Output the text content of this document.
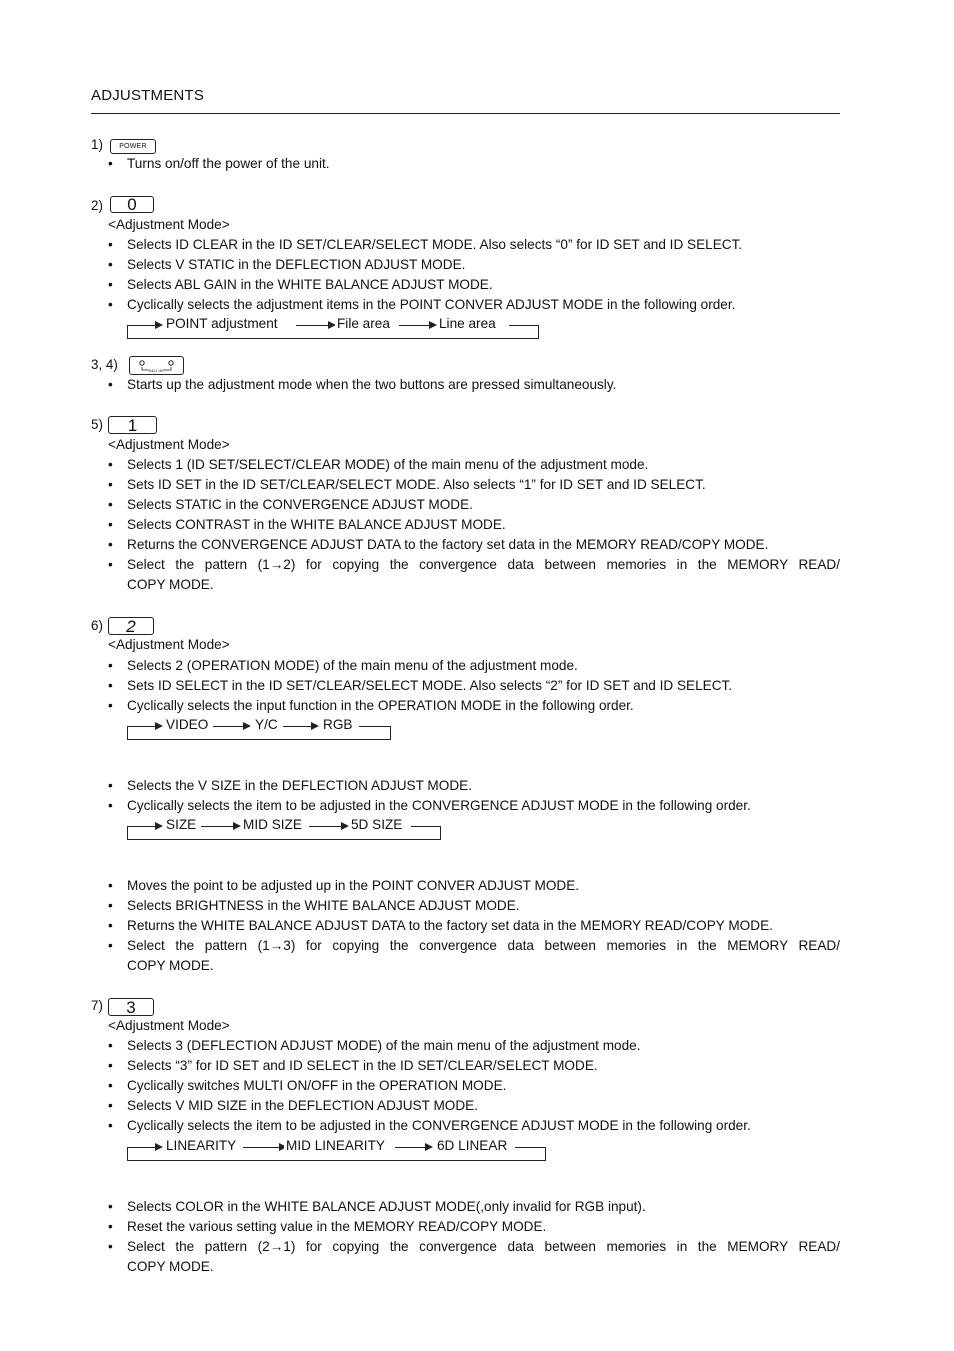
ADJUSTMENTS
1) POWER
• Turns on/off the power of the unit.
2) 0
<Adjustment Mode>
• Selects ID CLEAR in the ID SET/CLEAR/SELECT MODE. Also selects “0” for ID SET and ID SELECT.
• Selects V STATIC in the DEFLECTION ADJUST MODE.
• Selects ABL GAIN in the WHITE BALANCE ADJUST MODE.
• Cyclically selects the adjustment items in the POINT CONVER ADJUST MODE in the following order.
POINT adjustment	File area	Line area
3, 4)	ADJ IN
• Starts up the adjustment mode when the two buttons are pressed simultaneously.
5) 1
<Adjustment Mode>
• Selects 1 (ID SET/SELECT/CLEAR MODE) of the main menu of the adjustment mode.
• Sets ID SET in the ID SET/CLEAR/SELECT MODE. Also selects “1” for ID SET and ID SELECT.
• Selects STATIC in the CONVERGENCE ADJUST MODE.
• Selects CONTRAST in the WHITE BALANCE ADJUST MODE.
• Returns the CONVERGENCE ADJUST DATA to the factory set data in the MEMORY READ/COPY MODE.
• Select the pattern (1→2) for copying the convergence data between memories in the MEMORY READ/
COPY MODE.
6) 2
<Adjustment Mode>
• Selects 2 (OPERATION MODE) of the main menu of the adjustment mode.
• Sets ID SELECT in the ID SET/CLEAR/SELECT MODE. Also selects “2” for ID SET and ID SELECT.
• Cyclically selects the input function in the OPERATION MODE in the following order.
VIDEO	Y/C	RGB
• Selects the V SIZE in the DEFLECTION ADJUST MODE.
• Cyclically selects the item to be adjusted in the CONVERGENCE ADJUST MODE in the following order.
SIZE	MID SIZE	5D SIZE
• Moves the point to be adjusted up in the POINT CONVER ADJUST MODE.
• Selects BRIGHTNESS in the WHITE BALANCE ADJUST MODE.
• Returns the WHITE BALANCE ADJUST DATA to the factory set data in the MEMORY READ/COPY MODE.
• Select the pattern (1→3) for copying the convergence data between memories in the MEMORY READ/
COPY MODE.
7) 3
<Adjustment Mode>
• Selects 3 (DEFLECTION ADJUST MODE) of the main menu of the adjustment mode.
• Selects “3” for ID SET and ID SELECT in the ID SET/CLEAR/SELECT MODE.
• Cyclically switches MULTI ON/OFF in the OPERATION MODE.
• Selects V MID SIZE in the DEFLECTION ADJUST MODE.
• Cyclically selects the item to be adjusted in the CONVERGENCE ADJUST MODE in the following order.
LINEARITY	MID LINEARITY	6D LINEAR
• Selects COLOR in the WHITE BALANCE ADJUST MODE(,only invalid for RGB input).
• Reset the various setting value in the MEMORY READ/COPY MODE.
• Select the pattern (2→1) for copying the convergence data between memories in the MEMORY READ/
COPY MODE.
